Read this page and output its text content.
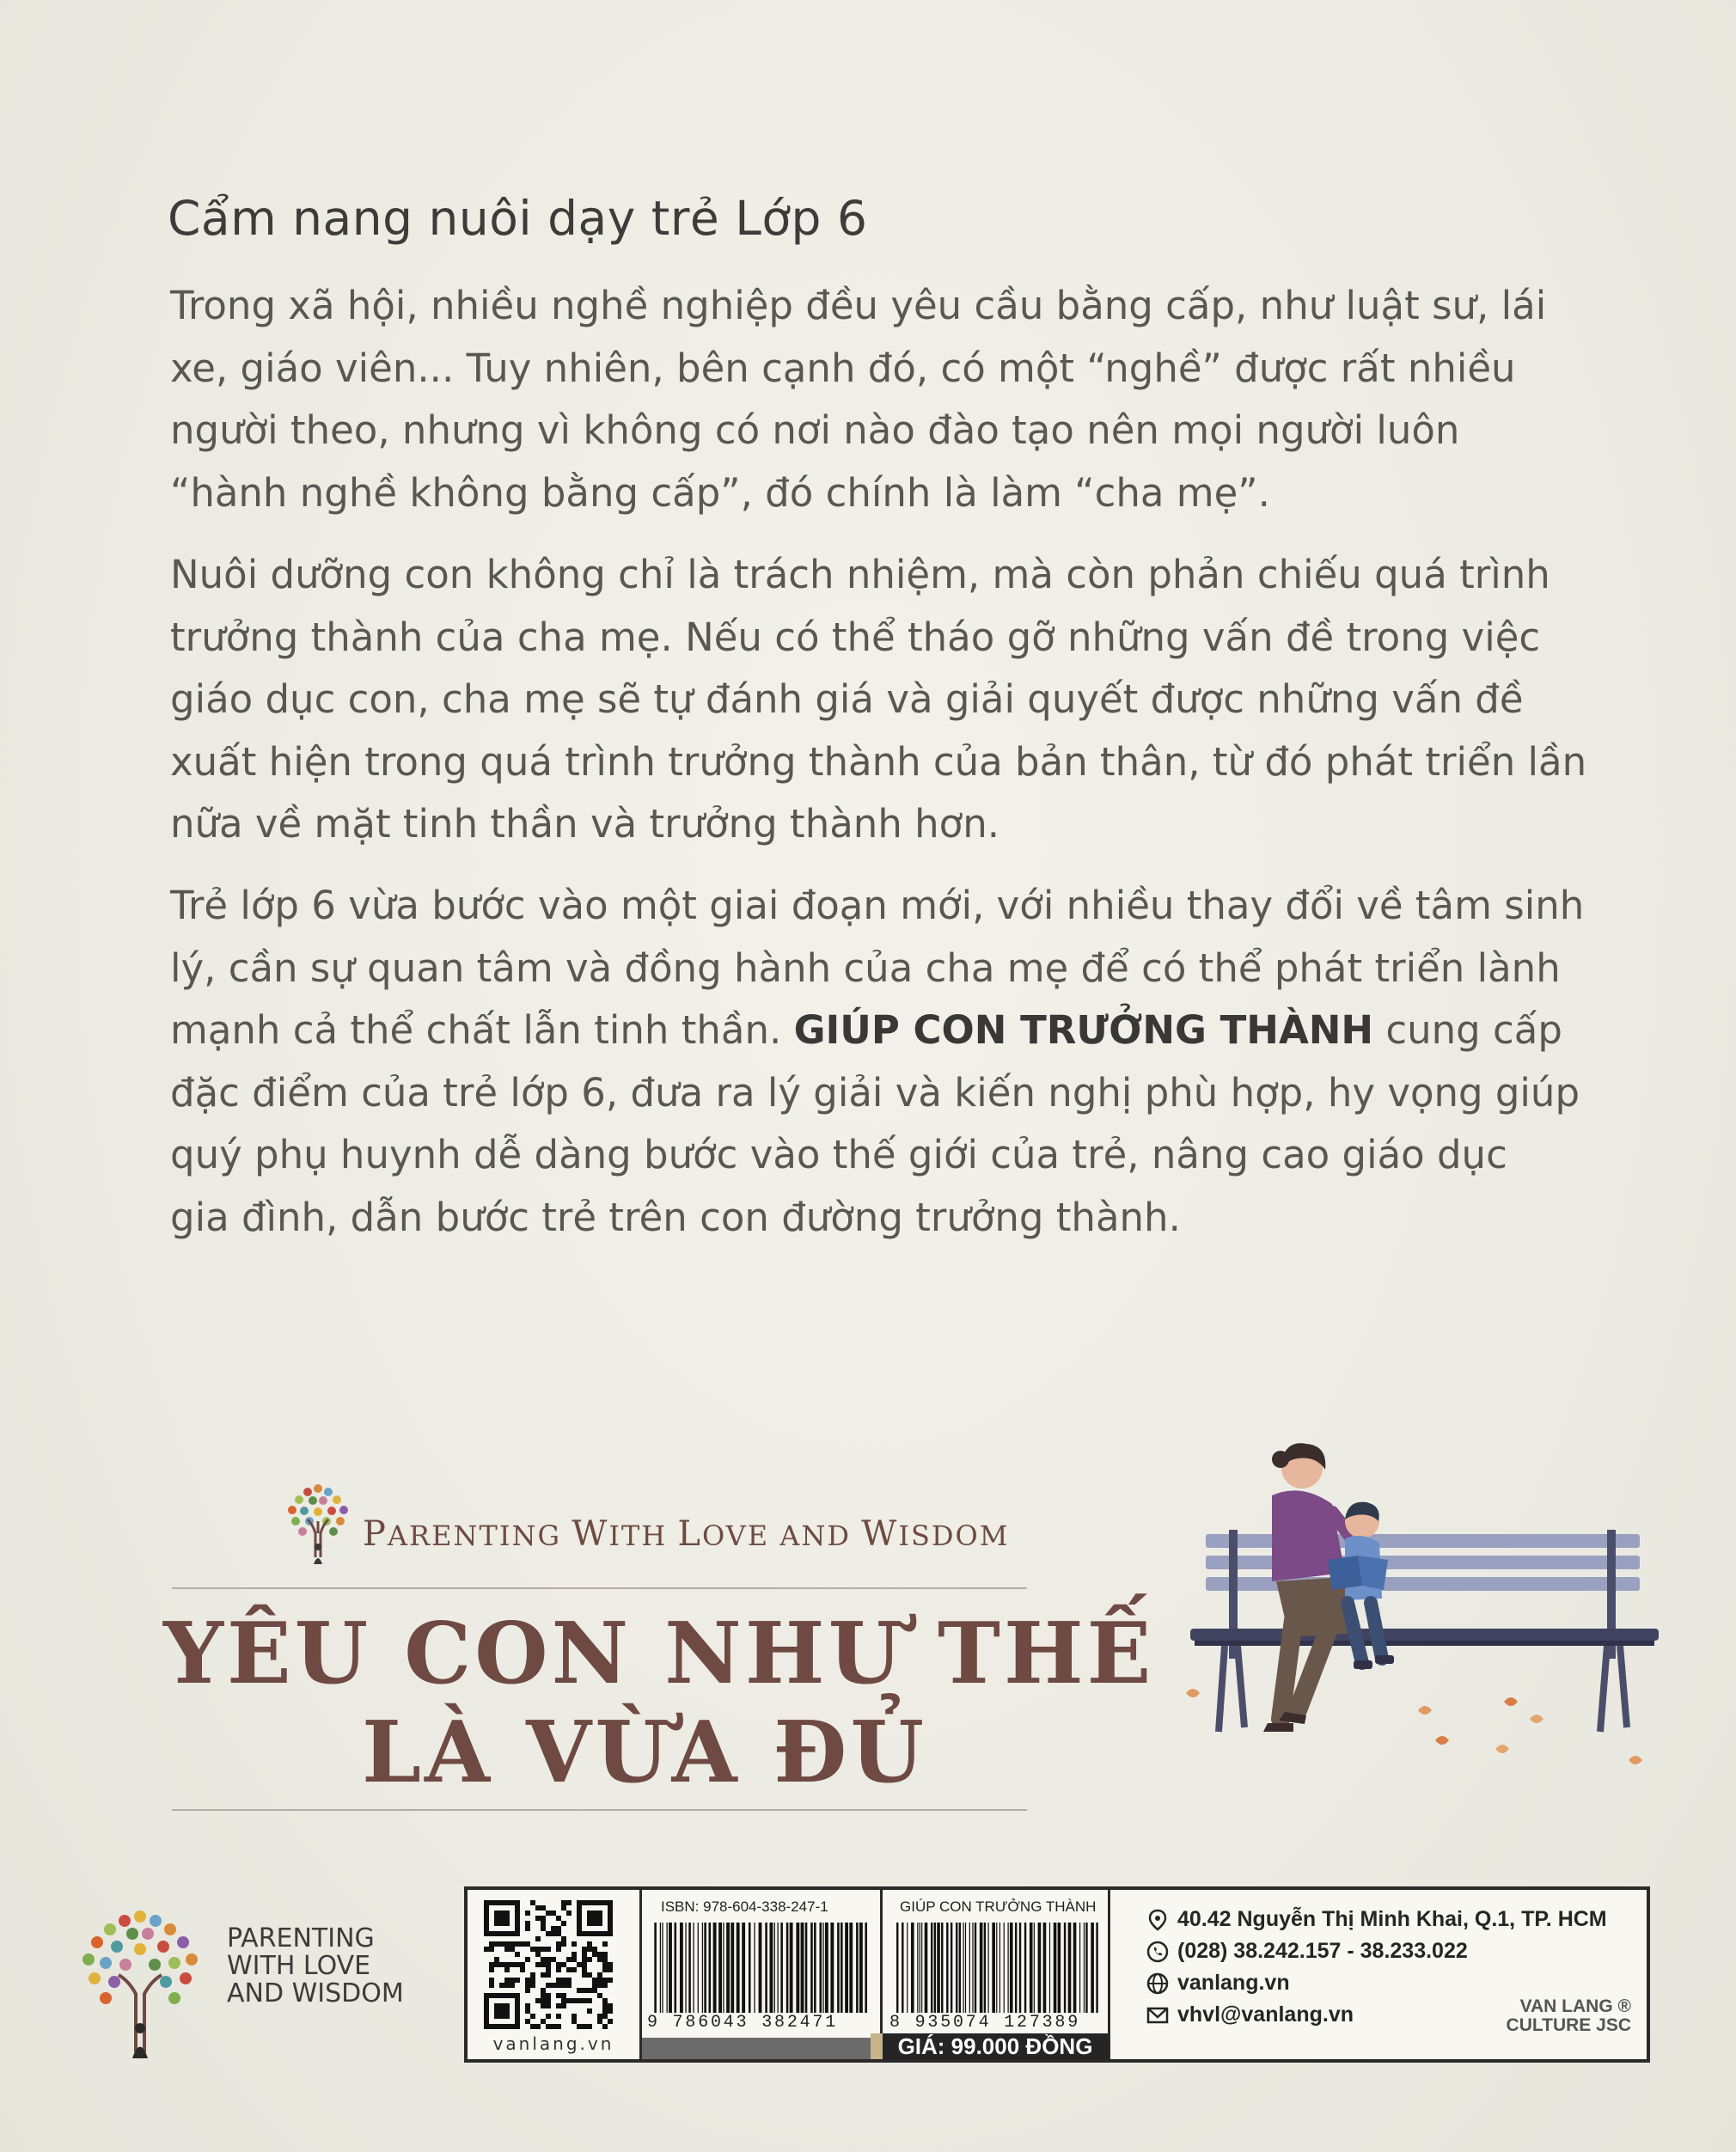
Cẩm nang nuôi dạy trẻ Lớp 6
Trong xã hội, nhiều nghề nghiệp đều yêu cầu bằng cấp, như luật sư, lái
xe, giáo viên... Tuy nhiên, bên cạnh đó, có một “nghề” được rất nhiều
người theo, nhưng vì không có nơi nào đào tạo nên mọi người luôn
“hành nghề không bằng cấp”, đó chính là làm “cha mẹ”.
Nuôi dưỡng con không chỉ là trách nhiệm, mà còn phản chiếu quá trình
trưởng thành của cha mẹ. Nếu có thể tháo gỡ những vấn đề trong việc
giáo dục con, cha mẹ sẽ tự đánh giá và giải quyết được những vấn đề
xuất hiện trong quá trình trưởng thành của bản thân, từ đó phát triển lần
nữa về mặt tinh thần và trưởng thành hơn.
Trẻ lớp 6 vừa bước vào một giai đoạn mới, với nhiều thay đổi về tâm sinh
lý, cần sự quan tâm và đồng hành của cha mẹ để có thể phát triển lành
mạnh cả thể chất lẫn tinh thần. GIÚP CON TRƯỞNG THÀNH cung cấp
đặc điểm của trẻ lớp 6, đưa ra lý giải và kiến nghị phù hợp, hy vọng giúp
quý phụ huynh dễ dàng bước vào thế giới của trẻ, nâng cao giáo dục
gia đình, dẫn bước trẻ trên con đường trưởng thành.
PARENTING WITH LOVE AND WISDOM
YÊU CON NHƯ THẾ
LÀ VỪA ĐỦ
PARENTING
WITH LOVE
AND WISDOM
vanlang.vn
ISBN: 978-604-338-247-1
9 786043 382471
GIÚP CON TRƯỞNG THÀNH
8 935074 127389
GIÁ: 99.000 ĐỒNG
40.42 Nguyễn Thị Minh Khai, Q.1, TP. HCM
(028) 38.242.157 - 38.233.022
vanlang.vn
vhvl@vanlang.vn	VAN LANG ®
CULTURE JSC
